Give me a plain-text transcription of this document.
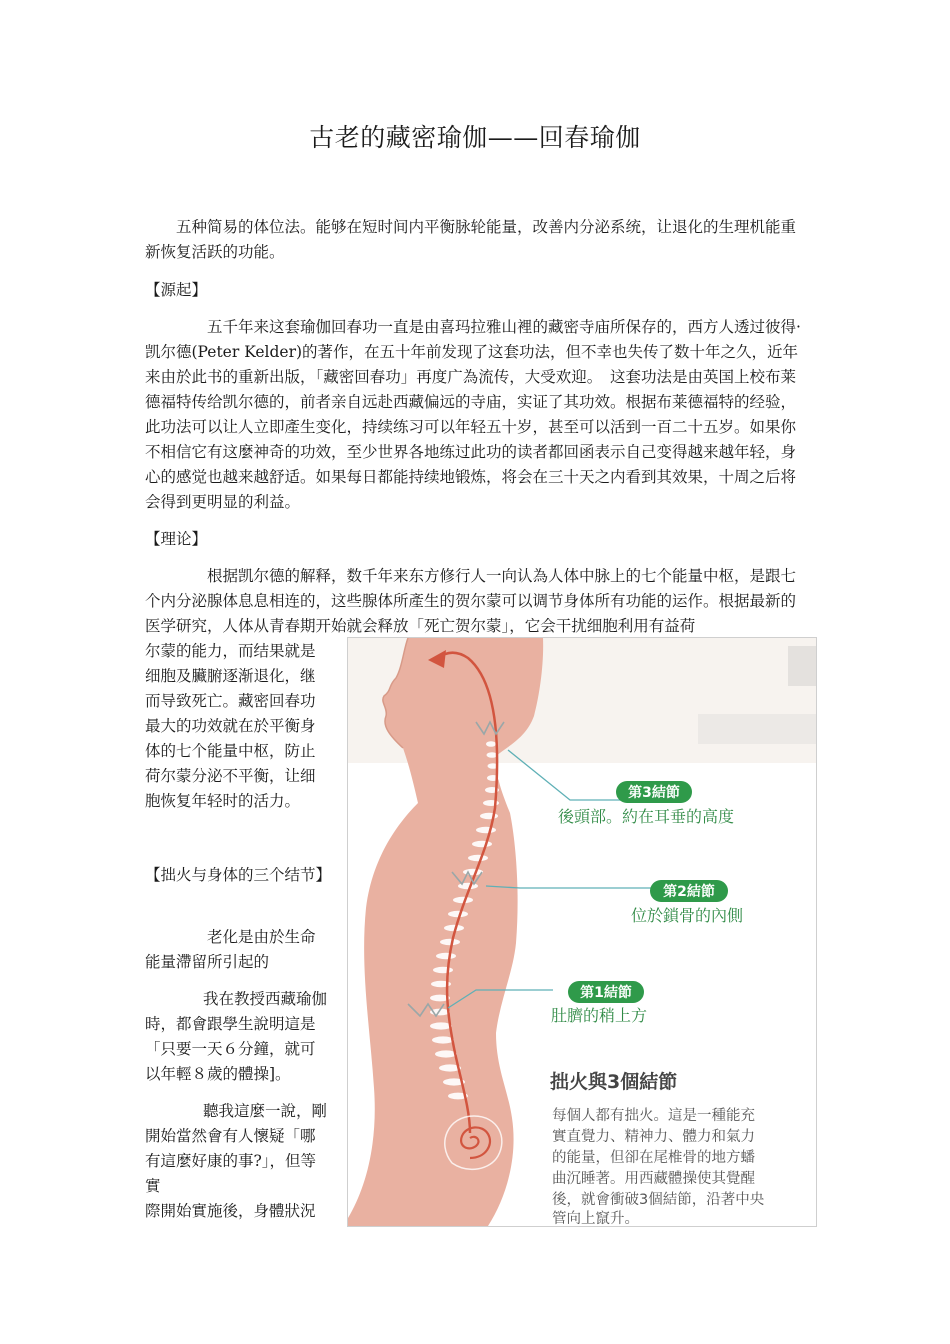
古老的藏密瑜伽——回春瑜伽

五种简易的体位法。能够在短时间内平衡脉轮能量，改善内分泌系统，让退化的生理机能重新恢复活跃的功能。

【源起】

五千年来这套瑜伽回春功一直是由喜玛拉雅山裡的藏密寺庙所保存的，西方人透过彼得·凯尔德(Peter Kelder)的著作，在五十年前发现了这套功法，但不幸也失传了数十年之久，近年来由於此书的重新出版，「藏密回春功」再度广為流传，大受欢迎。　这套功法是由英国上校布莱德福特传给凯尔德的，前者亲自远赴西藏偏远的寺庙，实证了其功效。根据布莱德福特的经验，此功法可以让人立即產生变化，持续练习可以年轻五十岁，甚至可以活到一百二十五岁。如果你不相信它有这麼神奇的功效，至少世界各地练过此功的读者都回函表示自己变得越来越年轻，身心的感觉也越来越舒适。如果每日都能持续地锻炼，将会在三十天之内看到其效果，十周之后将会得到更明显的利益。

【理论】

根据凯尔德的解释，数千年来东方修行人一向认為人体中脉上的七个能量中枢，是跟七个内分泌腺体息息相连的，这些腺体所產生的贺尔蒙可以调节身体所有功能的运作。根据最新的医学研究，人体从青春期开始就会释放「死亡贺尔蒙」，它会干扰细胞利用有益荷

尔蒙的能力，而结果就是细胞及臟腑逐渐退化，继而导致死亡。藏密回春功最大的功效就在於平衡身体的七个能量中枢，防止荷尔蒙分泌不平衡，让细胞恢复年轻时的活力。

【拙火与身体的三个结节】

老化是由於生命能量滯留所引起的

我在教授西藏瑜伽時，都會跟學生說明這是「只要一天６分鐘，就可以年輕８歲的體操]。

聽我這麼一說，剛開始當然會有人懷疑「哪有這麼好康的事?」，但等實

際開始實施後，身體狀況

第3結節
後頭部。約在耳垂的高度
第2結節
位於鎖骨的內側
第1結節
肚臍的稍上方
拙火與3個結節
每個人都有拙火。這是一種能充
實直覺力、精神力、體力和氣力
的能量，但卻在尾椎骨的地方蟠
曲沉睡著。用西藏體操使其覺醒
後，就會衝破3個結節，沿著中央
管向上竄升。
